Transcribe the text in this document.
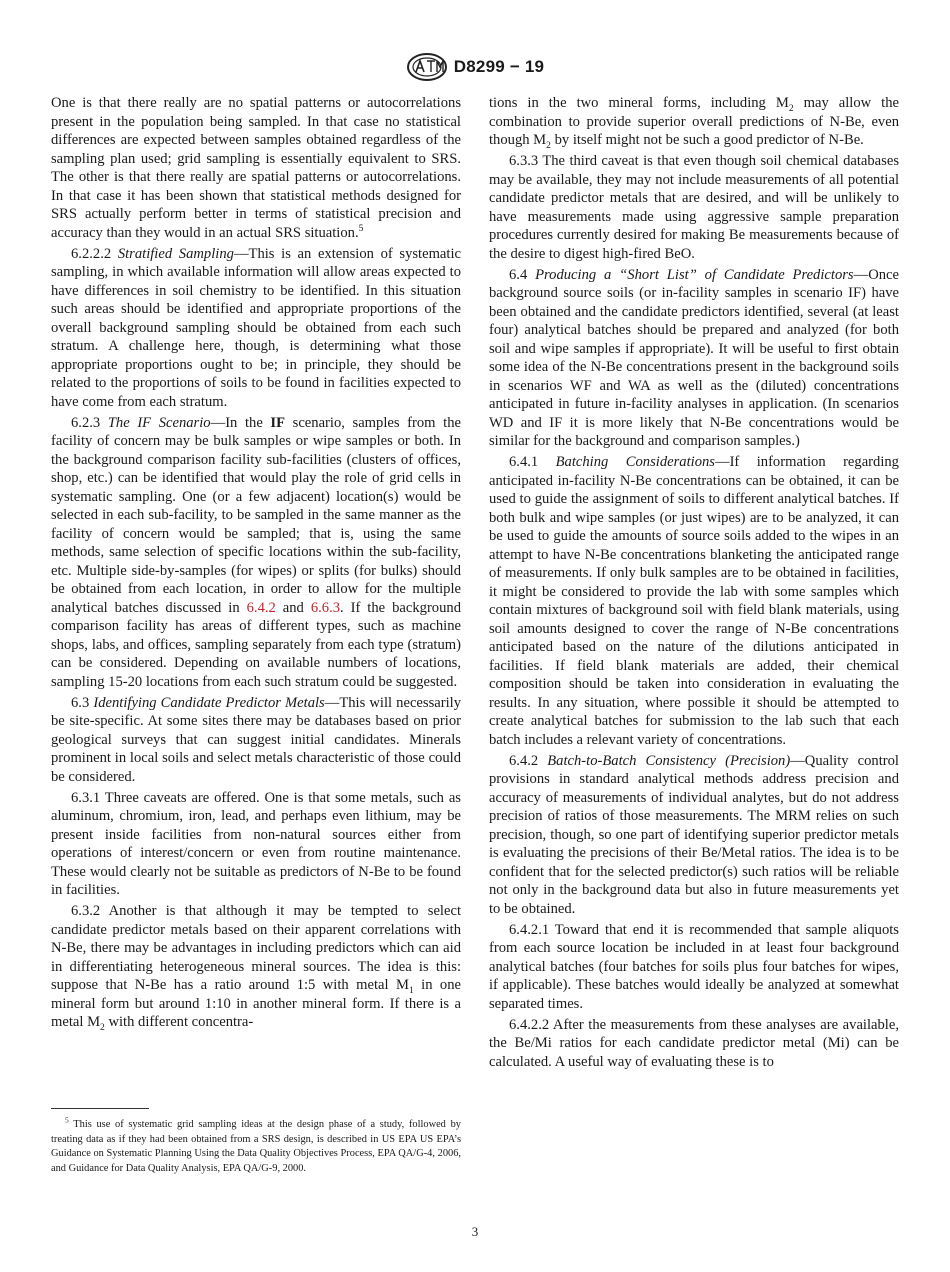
D8299 − 19

One is that there really are no spatial patterns or autocorrelations present in the population being sampled. In that case no statistical differences are expected between samples obtained regardless of the sampling plan used; grid sampling is essentially equivalent to SRS. The other is that there really are spatial patterns or autocorrelations. In that case it has been shown that statistical methods designed for SRS actually perform better in terms of statistical precision and accuracy than they would in an actual SRS situation.$^5$

6.2.2.2 Stratified Sampling—This is an extension of systematic sampling, in which available information will allow areas expected to have differences in soil chemistry to be identified. In this situation such areas should be identified and appropriate proportions of the overall background sampling should be obtained from each such stratum. A challenge here, though, is determining what those appropriate proportions ought to be; in principle, they should be related to the proportions of soils to be found in facilities expected to have come from each stratum.

6.2.3 The IF Scenario—In the IF scenario, samples from the facility of concern may be bulk samples or wipe samples or both. In the background comparison facility sub-facilities (clusters of offices, shop, etc.) can be identified that would play the role of grid cells in systematic sampling. One (or a few adjacent) location(s) would be selected in each sub-facility, to be sampled in the same manner as the facility of concern would be sampled; that is, using the same methods, same selection of specific locations within the sub-facility, etc. Multiple side-by-samples (for wipes) or splits (for bulks) should be obtained from each location, in order to allow for the multiple analytical batches discussed in 6.4.2 and 6.6.3. If the background comparison facility has areas of different types, such as machine shops, labs, and offices, sampling separately from each type (stratum) can be considered. Depending on available numbers of locations, sampling 15-20 locations from each such stratum could be suggested.

6.3 Identifying Candidate Predictor Metals—This will necessarily be site-specific. At some sites there may be databases based on prior geological surveys that can suggest initial candidates. Minerals prominent in local soils and select metals characteristic of those could be considered.

6.3.1 Three caveats are offered. One is that some metals, such as aluminum, chromium, iron, lead, and perhaps even lithium, may be present inside facilities from non-natural sources either from operations of interest/concern or even from routine maintenance. These would clearly not be suitable as predictors of N-Be to be found in facilities.

6.3.2 Another is that although it may be tempted to select candidate predictor metals based on their apparent correlations with N-Be, there may be advantages in including predictors which can aid in differentiating heterogeneous mineral sources. The idea is this: suppose that N-Be has a ratio around 1:5 with metal $M_1$ in one mineral form but around 1:10 in another mineral form. If there is a metal $M_2$ with different concentra-

tions in the two mineral forms, including $M_2$ may allow the combination to provide superior overall predictions of N-Be, even though $M_2$ by itself might not be such a good predictor of N-Be.

6.3.3 The third caveat is that even though soil chemical databases may be available, they may not include measurements of all potential candidate predictor metals that are desired, and will be unlikely to have measurements made using aggressive sample preparation procedures currently desired for making Be measurements because of the desire to digest high-fired BeO.

6.4 Producing a “Short List” of Candidate Predictors—Once background source soils (or in-facility samples in scenario IF) have been obtained and the candidate predictors identified, several (at least four) analytical batches should be prepared and analyzed (for both soil and wipe samples if appropriate). It will be useful to first obtain some idea of the N-Be concentrations present in the background soils in scenarios WF and WA as well as the (diluted) concentrations anticipated in future in-facility analyses in application. (In scenarios WD and IF it is more likely that N-Be concentrations would be similar for the background and comparison samples.)

6.4.1 Batching Considerations—If information regarding anticipated in-facility N-Be concentrations can be obtained, it can be used to guide the assignment of soils to different analytical batches. If both bulk and wipe samples (or just wipes) are to be analyzed, it can be used to guide the amounts of source soils added to the wipes in an attempt to have N-Be concentrations blanketing the anticipated range of measurements. If only bulk samples are to be obtained in facilities, it might be considered to provide the lab with some samples which contain mixtures of background soil with field blank materials, using soil amounts designed to cover the range of N-Be concentrations anticipated based on the nature of the dilutions anticipated in facilities. If field blank materials are added, their chemical composition should be taken into consideration in evaluating the results. In any situation, where possible it should be attempted to create analytical batches for submission to the lab such that each batch includes a relevant variety of concentrations.

6.4.2 Batch-to-Batch Consistency (Precision)—Quality control provisions in standard analytical methods address precision and accuracy of measurements of individual analytes, but do not address precision of ratios of those measurements. The MRM relies on such precision, though, so one part of identifying superior predictor metals is evaluating the precisions of their Be/Metal ratios. The idea is to be confident that for the selected predictor(s) such ratios will be reliable not only in the background data but also in future measurements yet to be obtained.

6.4.2.1 Toward that end it is recommended that sample aliquots from each source location be included in at least four background analytical batches (four batches for soils plus four batches for wipes, if applicable). These batches would ideally be analyzed at somewhat separated times.

6.4.2.2 After the measurements from these analyses are available, the Be/Mi ratios for each candidate predictor metal (Mi) can be calculated. A useful way of evaluating these is to

$^5$ This use of systematic grid sampling ideas at the design phase of a study, followed by treating data as if they had been obtained from a SRS design, is described in US EPA US EPA’s Guidance on Systematic Planning Using the Data Quality Objectives Process, EPA QA/G-4, 2006, and Guidance for Data Quality Analysis, EPA QA/G-9, 2000.
3
